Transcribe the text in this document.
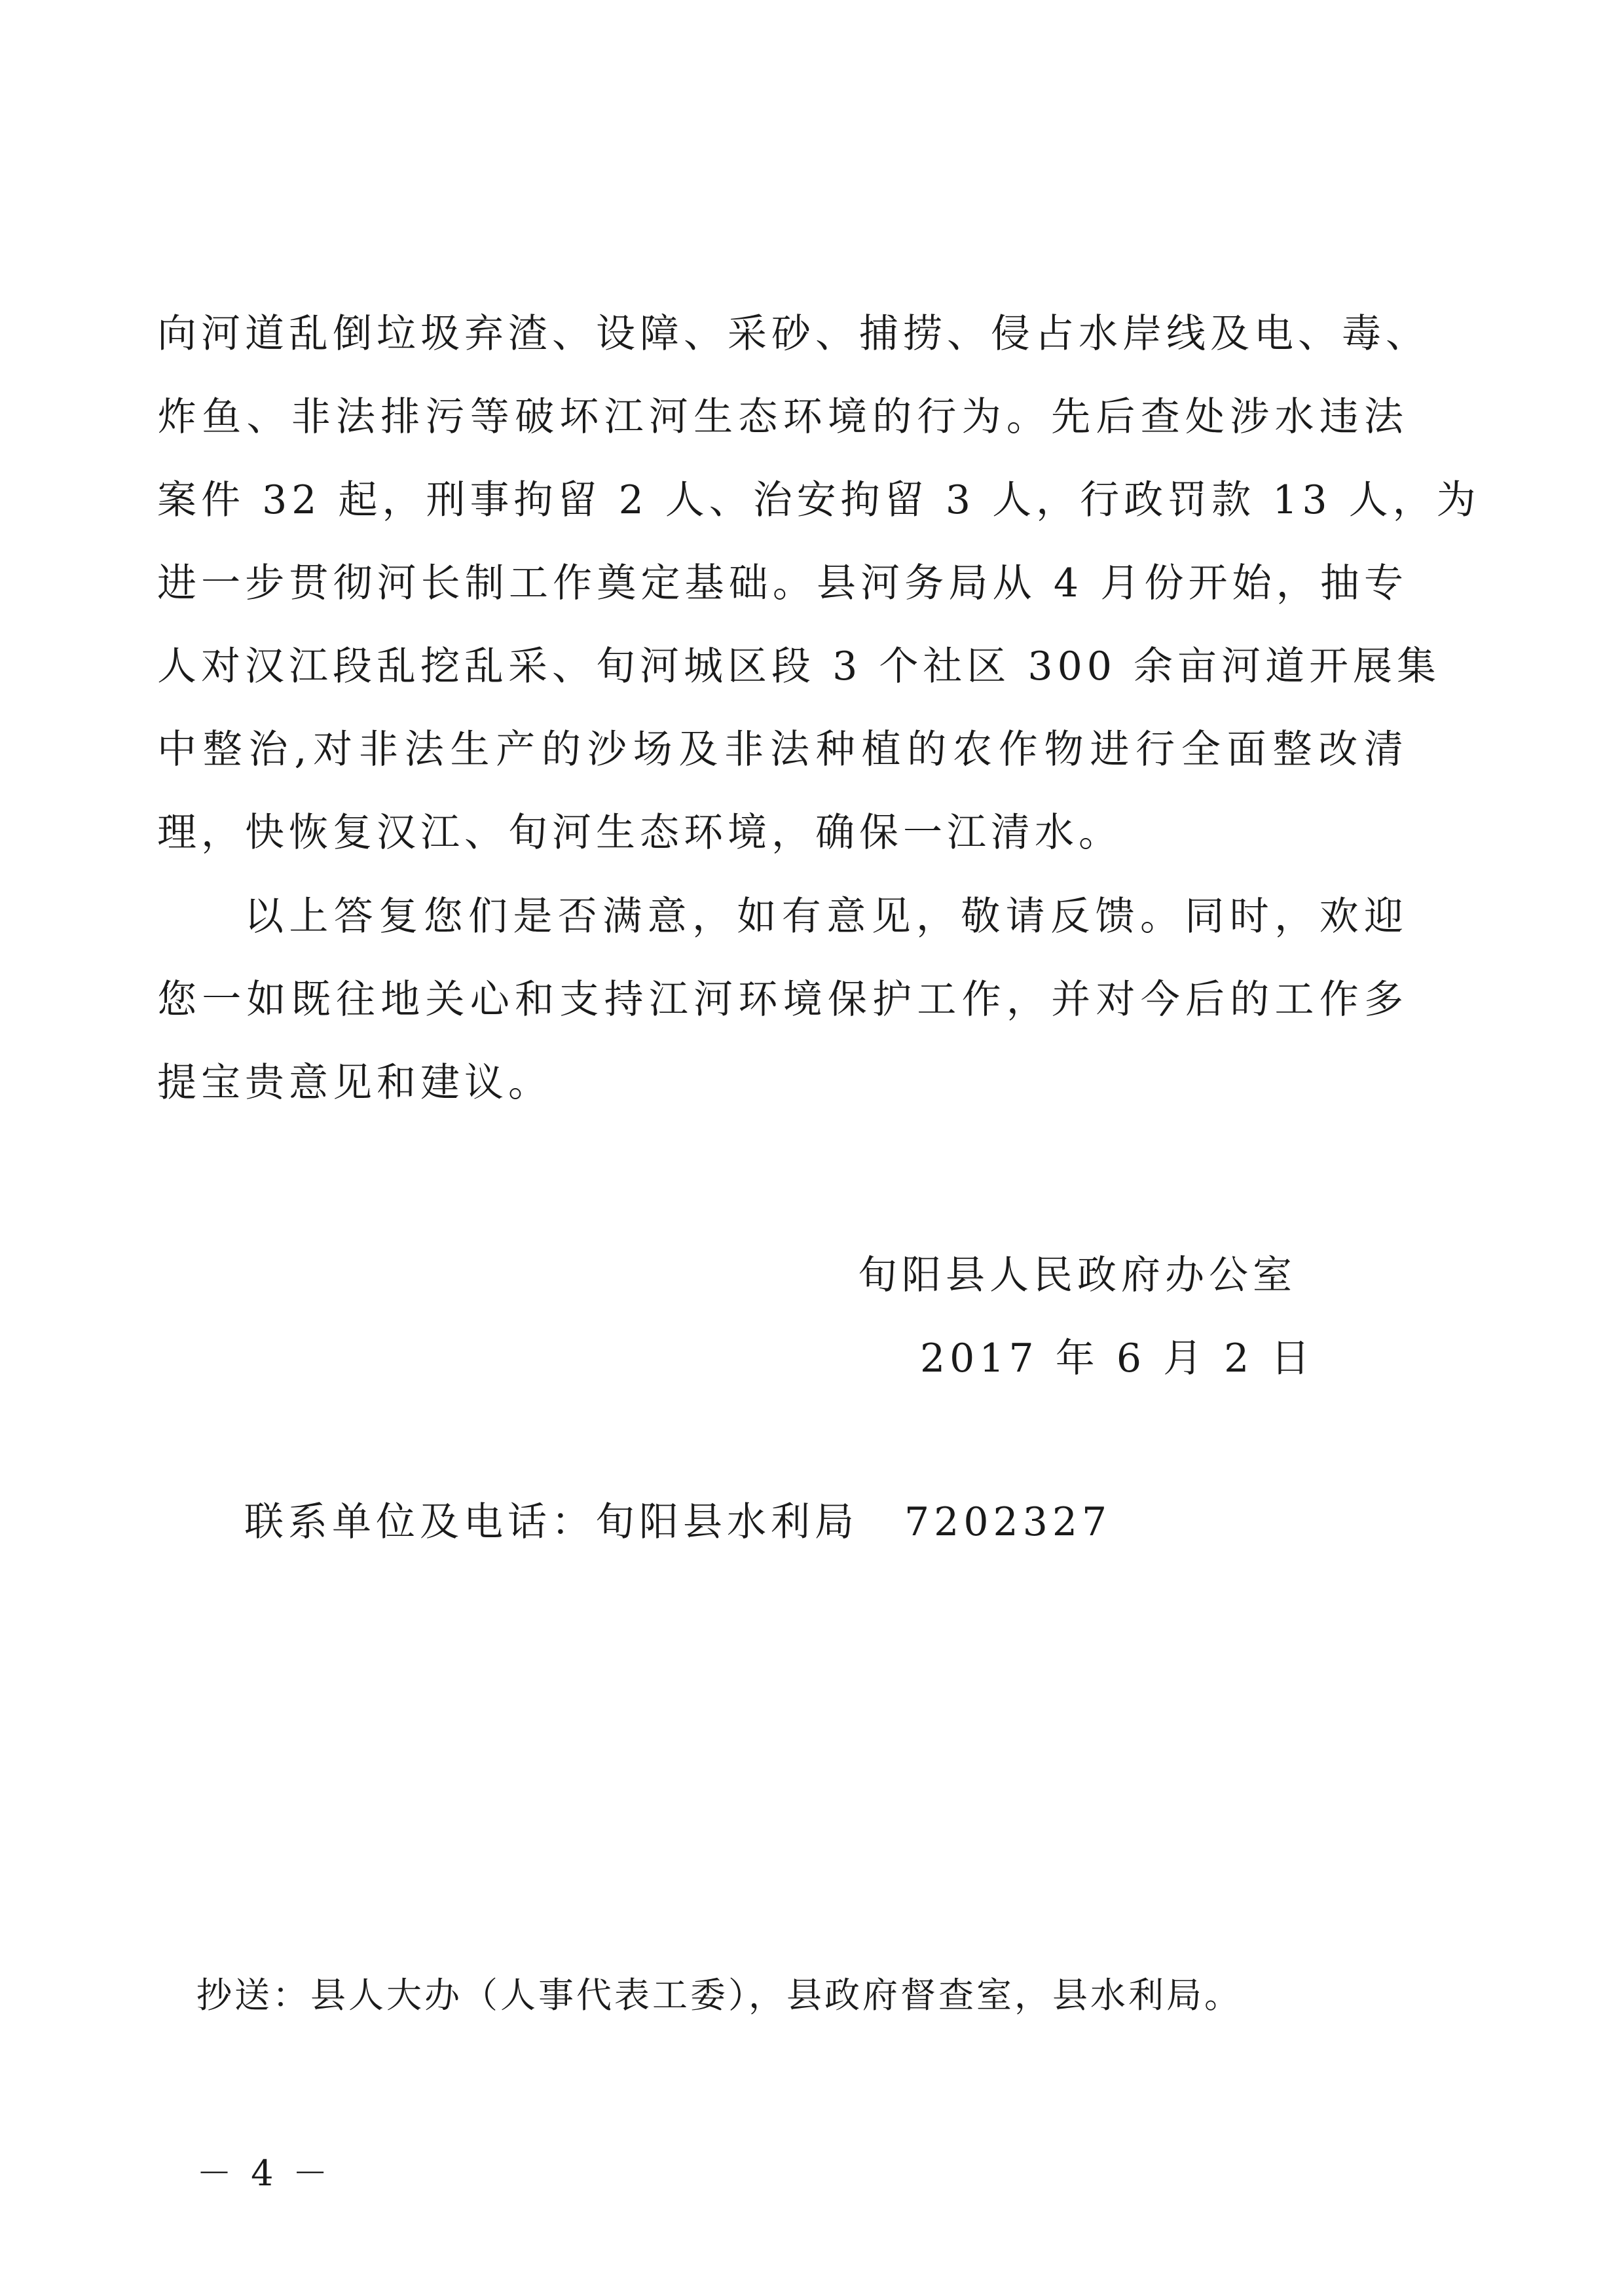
向河道乱倒垃圾弃渣、设障、采砂、捕捞、侵占水岸线及电、毒、
炸鱼、非法排污等破坏江河生态环境的行为。先后查处涉水违法
案件 32 起，刑事拘留 2 人、治安拘留 3 人，行政罚款 13 人，为
进一步贯彻河长制工作奠定基础。县河务局从 4 月份开始，抽专
人对汉江段乱挖乱采、旬河城区段 3 个社区 300 余亩河道开展集
中整治,对非法生产的沙场及非法种植的农作物进行全面整改清
理，快恢复汉江、旬河生态环境，确保一江清水。
以上答复您们是否满意，如有意见，敬请反馈。同时，欢迎
您一如既往地关心和支持江河环境保护工作，并对今后的工作多
提宝贵意见和建议。
旬阳县人民政府办公室
2017 年 6 月 2 日
联系单位及电话：旬阳县水利局 7202327
抄送：县人大办（人事代表工委），县政府督查室，县水利局。
－ 4 －
